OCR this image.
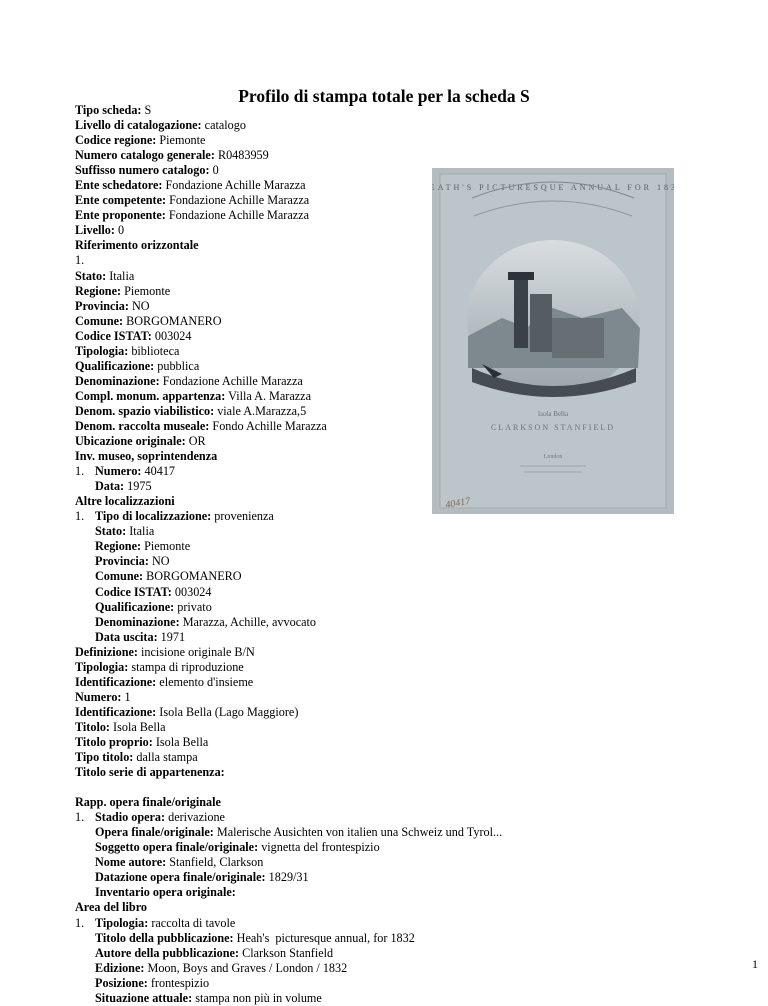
Profilo di stampa totale per la scheda S
Tipo scheda: S
Livello di catalogazione: catalogo
Codice regione: Piemonte
Numero catalogo generale: R0483959
Suffisso numero catalogo: 0
Ente schedatore: Fondazione Achille Marazza
Ente competente: Fondazione Achille Marazza
Ente proponente: Fondazione Achille Marazza
Livello: 0
Riferimento orizzontale
1.
Stato: Italia
Regione: Piemonte
Provincia: NO
Comune: BORGOMANERO
Codice ISTAT: 003024
Tipologia: biblioteca
Qualificazione: pubblica
Denominazione: Fondazione Achille Marazza
Compl. monum. appartenza: Villa A. Marazza
Denom. spazio viabilistico: viale A.Marazza,5
Denom. raccolta museale: Fondo Achille Marazza
Ubicazione originale: OR
Inv. museo, soprintendenza
1. Numero: 40417
Data: 1975
Altre localizzazioni
1. Tipo di localizzazione: provenienza
Stato: Italia
Regione: Piemonte
Provincia: NO
Comune: BORGOMANERO
Codice ISTAT: 003024
Qualificazione: privato
Denominazione: Marazza, Achille, avvocato
Data uscita: 1971
Definizione: incisione originale B/N
Tipologia: stampa di riproduzione
Identificazione: elemento d'insieme
Numero: 1
Identificazione: Isola Bella (Lago Maggiore)
Titolo: Isola Bella
Titolo proprio: Isola Bella
Tipo titolo: dalla stampa
Titolo serie di appartenenza:
Rapp. opera finale/originale
1. Stadio opera: derivazione
Opera finale/originale: Malerische Ausichten von italien una Schweiz und Tyrol...
Soggetto opera finale/originale: vignetta del frontespizio
Nome autore: Stanfield, Clarkson
Datazione opera finale/originale: 1829/31
Inventario opera originale:
Area del libro
1. Tipologia: raccolta di tavole
Titolo della pubblicazione: Heah's  picturesque annual, for 1832
Autore della pubblicazione: Clarkson Stanfield
Edizione: Moon, Boys and Graves / London / 1832
Posizione: frontespizio
Situazione attuale: stampa non più in volume
HEATH'S PICTURESQUE ANNUAL FOR 1832
Isola Bella
CLARKSON STANFIELD
London
40417
1
